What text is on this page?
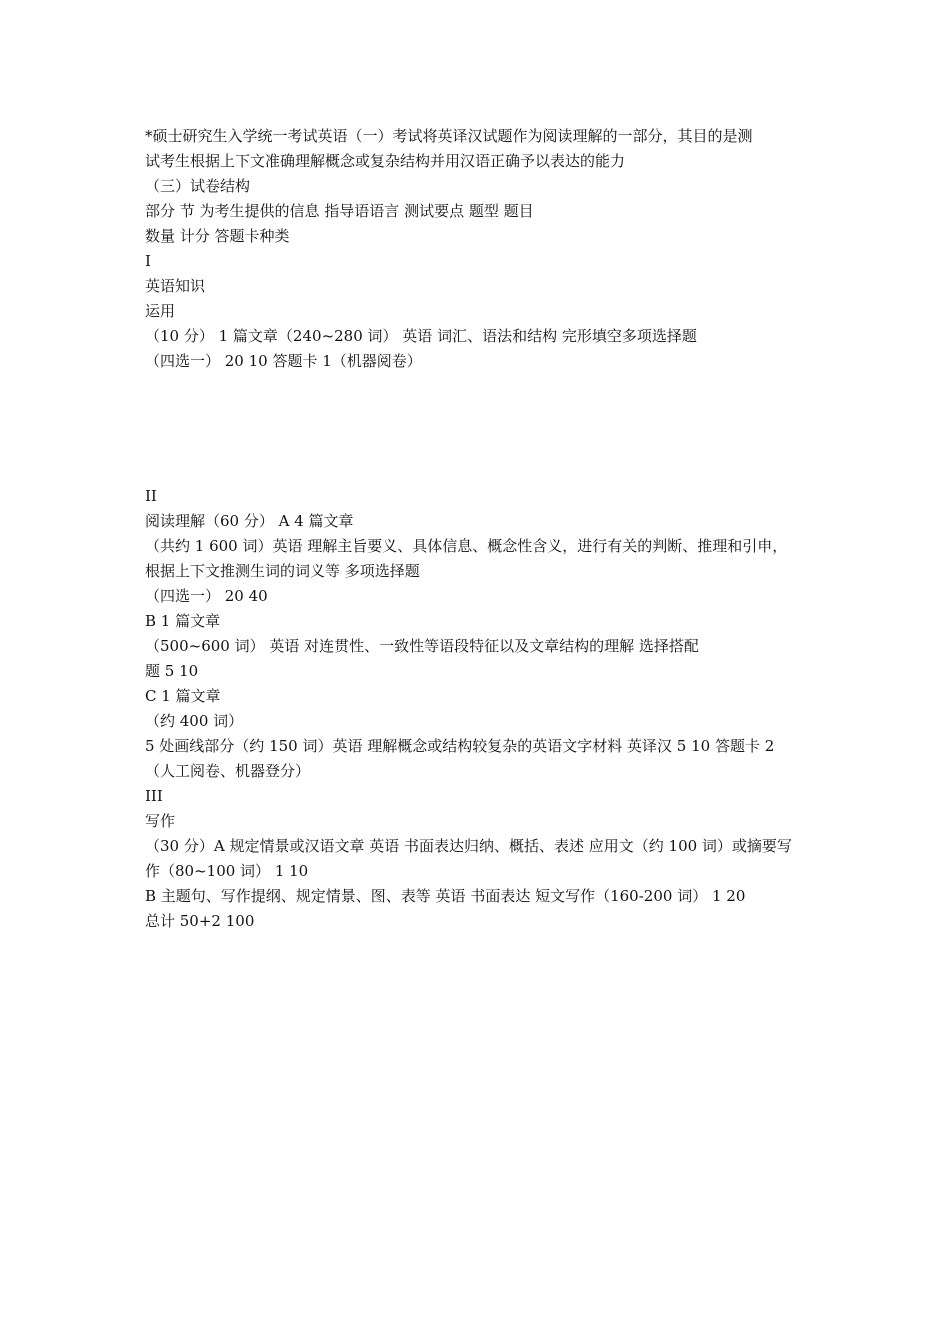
*硕士研究生入学统一考试英语（一）考试将英译汉试题作为阅读理解的一部分，其目的是测
试考生根据上下文准确理解概念或复杂结构并用汉语正确予以表达的能力
（三）试卷结构
部分 节 为考生提供的信息 指导语语言 测试要点 题型 题目
数量 计分 答题卡种类
I
英语知识
运用
（10 分） 1 篇文章（240~280 词） 英语 词汇、语法和结构 完形填空多项选择题
（四选一） 20 10 答题卡 1（机器阅卷）
II
阅读理解（60 分） A 4 篇文章
（共约 1 600 词）英语 理解主旨要义、具体信息、概念性含义，进行有关的判断、推理和引申，
根据上下文推测生词的词义等 多项选择题
（四选一） 20 40
B 1 篇文章
（500~600 词） 英语 对连贯性、一致性等语段特征以及文章结构的理解 选择搭配
题 5 10
C 1 篇文章
（约 400 词）
5 处画线部分（约 150 词）英语 理解概念或结构较复杂的英语文字材料 英译汉 5 10 答题卡 2
（人工阅卷、机器登分）
III
写作
（30 分）A 规定情景或汉语文章 英语 书面表达归纳、概括、表述 应用文（约 100 词）或摘要写
作（80~100 词） 1 10
B 主题句、写作提纲、规定情景、图、表等 英语 书面表达 短文写作（160-200 词） 1 20
总计 50+2 100
